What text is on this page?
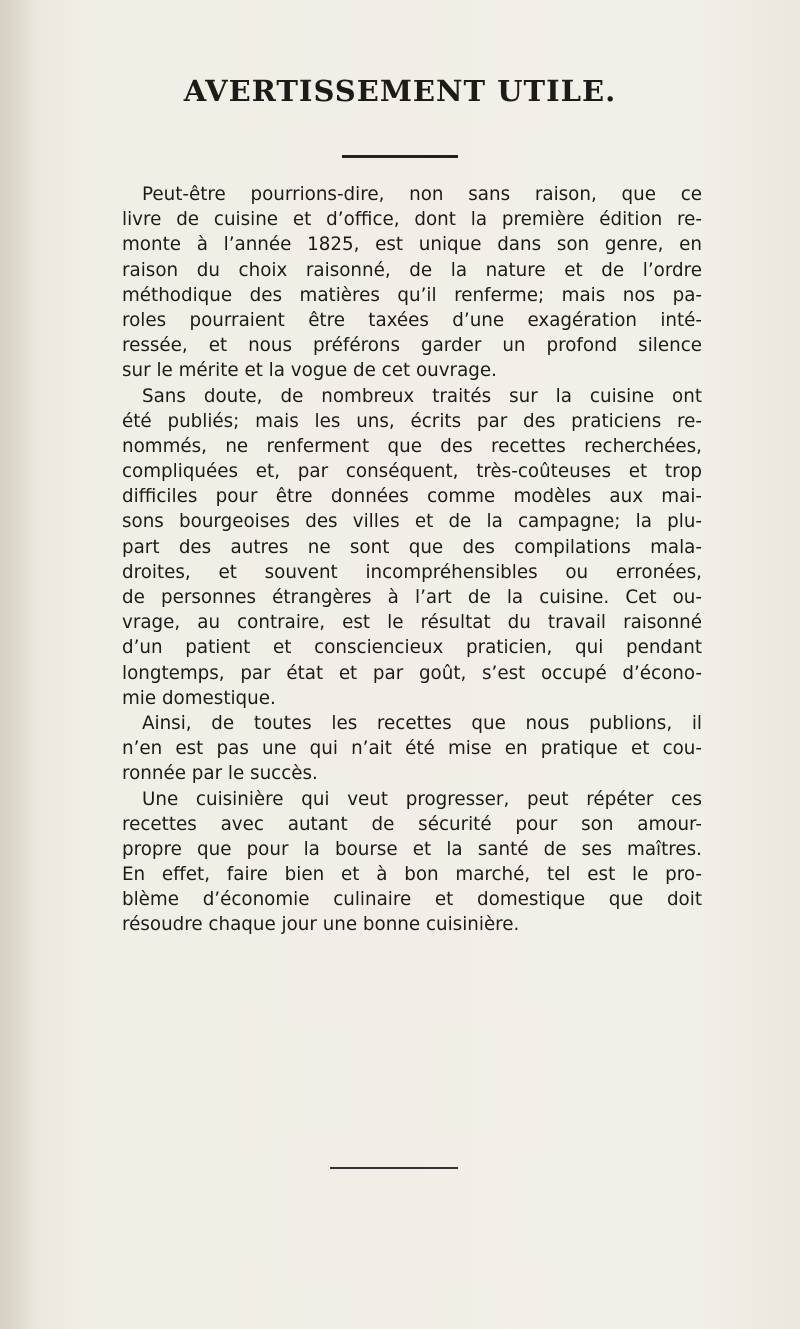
AVERTISSEMENT UTILE.
Peut-être pourrions-dire, non sans raison, que ce
livre de cuisine et d’office, dont la première édition re-
monte à l’année 1825, est unique dans son genre, en
raison du choix raisonné, de la nature et de l’ordre
méthodique des matières qu’il renferme; mais nos pa-
roles pourraient être taxées d’une exagération inté-
ressée, et nous préférons garder un profond silence
sur le mérite et la vogue de cet ouvrage.
Sans doute, de nombreux traités sur la cuisine ont
été publiés; mais les uns, écrits par des praticiens re-
nommés, ne renferment que des recettes recherchées,
compliquées et, par conséquent, très-coûteuses et trop
difficiles pour être données comme modèles aux mai-
sons bourgeoises des villes et de la campagne; la plu-
part des autres ne sont que des compilations mala-
droites, et souvent incompréhensibles ou erronées,
de personnes étrangères à l’art de la cuisine. Cet ou-
vrage, au contraire, est le résultat du travail raisonné
d’un patient et consciencieux praticien, qui pendant
longtemps, par état et par goût, s’est occupé d’écono-
mie domestique.
Ainsi, de toutes les recettes que nous publions, il
n’en est pas une qui n’ait été mise en pratique et cou-
ronnée par le succès.
Une cuisinière qui veut progresser, peut répéter ces
recettes avec autant de sécurité pour son amour-
propre que pour la bourse et la santé de ses maîtres.
En effet, faire bien et à bon marché, tel est le pro-
blème d’économie culinaire et domestique que doit
résoudre chaque jour une bonne cuisinière.
